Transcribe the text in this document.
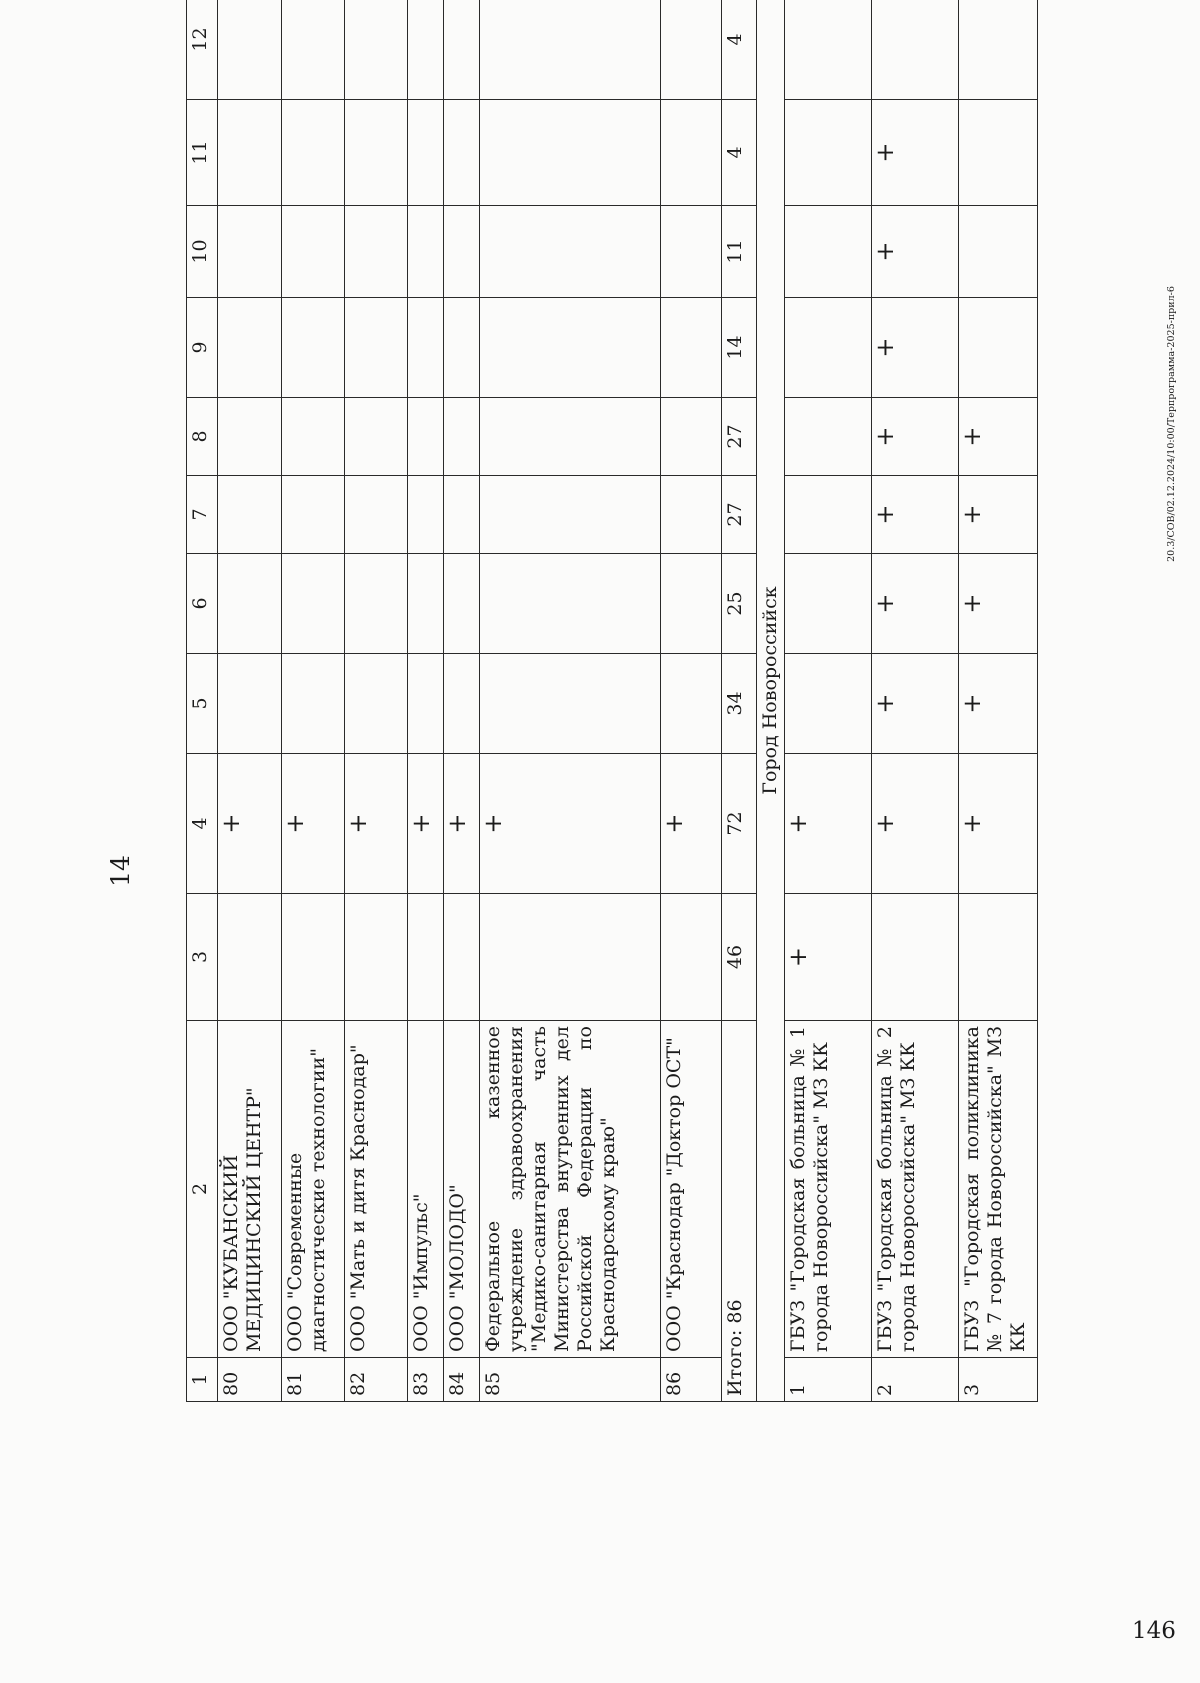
14
20.3/СОВ/02.12.2024/10:00/Терпрограмма-2025-прил-6
146
1	2	3	4	5	6	7	8	9	10	11	12
80	ООО "КУБАНСКИЙ МЕДИЦИНСКИЙ ЦЕНТР"		+								
81	ООО "Современные диагностические технологии"		+								
82	ООО "Мать и дитя Краснодар"		+								
83	ООО "Импульс"		+								
84	ООО "МОЛОДО"		+								
85	Федеральное казенное учреждение здравоохранения "Медико-санитарная часть Министерства внутренних дел Российской Федерации по Краснодарскому краю"		+								
86	ООО "Краснодар "Доктор ОСТ"		+								
Итого: 86		46	72	34	25	27	27	14	11	4	4
Город Новороссийск											
1	ГБУЗ "Городская больница № 1 города Новороссийска" МЗ КК	+	+								
2	ГБУЗ "Городская больница № 2 города Новороссийска" МЗ КК		+	+	+	+	+	+	+	+	
3	ГБУЗ "Городская поликлиника № 7 города Новороссийска" МЗ КК		+	+	+	+	+				
